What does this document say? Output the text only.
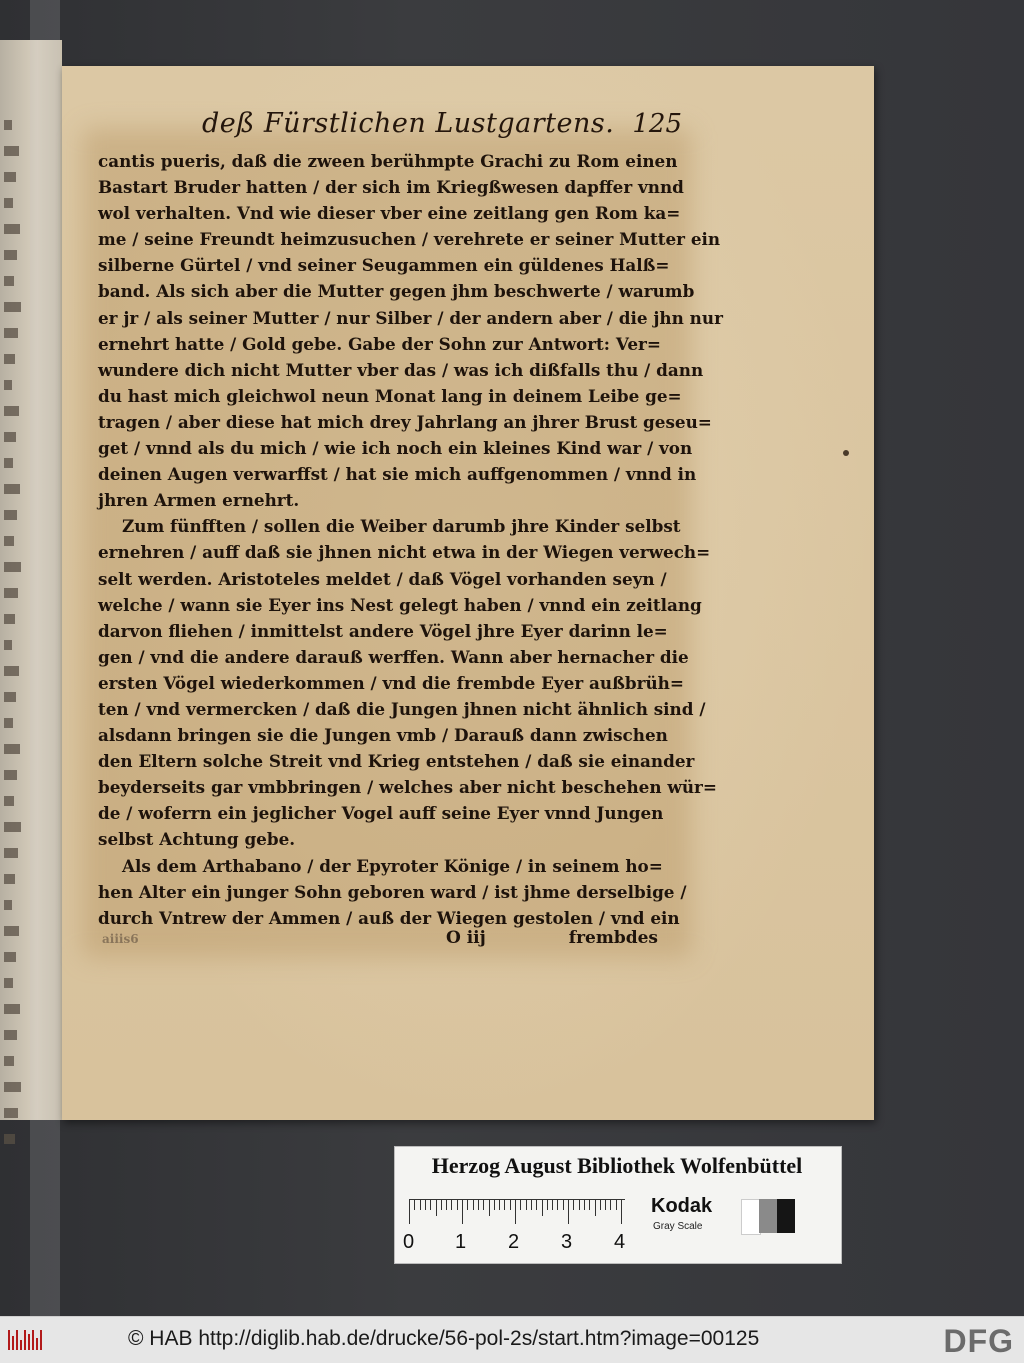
deß Fürstlichen Lustgartens. 125
cantis pueris, daß die zween berühmpte Grachi zu Rom einen
Bastart Bruder hatten / der sich im Kriegßwesen dapffer vnnd
wol verhalten. Vnd wie dieser vber eine zeitlang gen Rom ka=
me / seine Freundt heimzusuchen / verehrete er seiner Mutter ein
silberne Gürtel / vnd seiner Seugammen ein güldenes Halß=
band. Als sich aber die Mutter gegen jhm beschwerte / warumb
er jr / als seiner Mutter / nur Silber / der andern aber / die jhn nur
ernehrt hatte / Gold gebe. Gabe der Sohn zur Antwort: Ver=
wundere dich nicht Mutter vber das / was ich dißfalls thu / dann
du hast mich gleichwol neun Monat lang in deinem Leibe ge=
tragen / aber diese hat mich drey Jahrlang an jhrer Brust geseu=
get / vnnd als du mich / wie ich noch ein kleines Kind war / von
deinen Augen verwarffst / hat sie mich auffgenommen / vnnd in
jhren Armen ernehrt.
Zum fünfften / sollen die Weiber darumb jhre Kinder selbst
ernehren / auff daß sie jhnen nicht etwa in der Wiegen verwech=
selt werden. Aristoteles meldet / daß Vögel vorhanden seyn /
welche / wann sie Eyer ins Nest gelegt haben / vnnd ein zeitlang
darvon fliehen / inmittelst andere Vögel jhre Eyer darinn le=
gen / vnd die andere darauß werffen. Wann aber hernacher die
ersten Vögel wiederkommen / vnd die frembde Eyer außbrüh=
ten / vnd vermercken / daß die Jungen jhnen nicht ähnlich sind /
alsdann bringen sie die Jungen vmb / Darauß dann zwischen
den Eltern solche Streit vnd Krieg entstehen / daß sie einander
beyderseits gar vmbbringen / welches aber nicht beschehen wür=
de / woferrn ein jeglicher Vogel auff seine Eyer vnnd Jungen
selbst Achtung gebe.
Als dem Arthabano / der Epyroter Könige / in seinem ho=
hen Alter ein junger Sohn geboren ward / ist jhme derselbige /
durch Vntrew der Ammen / auß der Wiegen gestolen / vnd ein
aiiis6	O iij	frembdes
Herzog August Bibliothek Wolfenbüttel
0 1 2 3 4
Kodak
Gray Scale
© HAB http://diglib.hab.de/drucke/56-pol-2s/start.htm?image=00125	DFG
